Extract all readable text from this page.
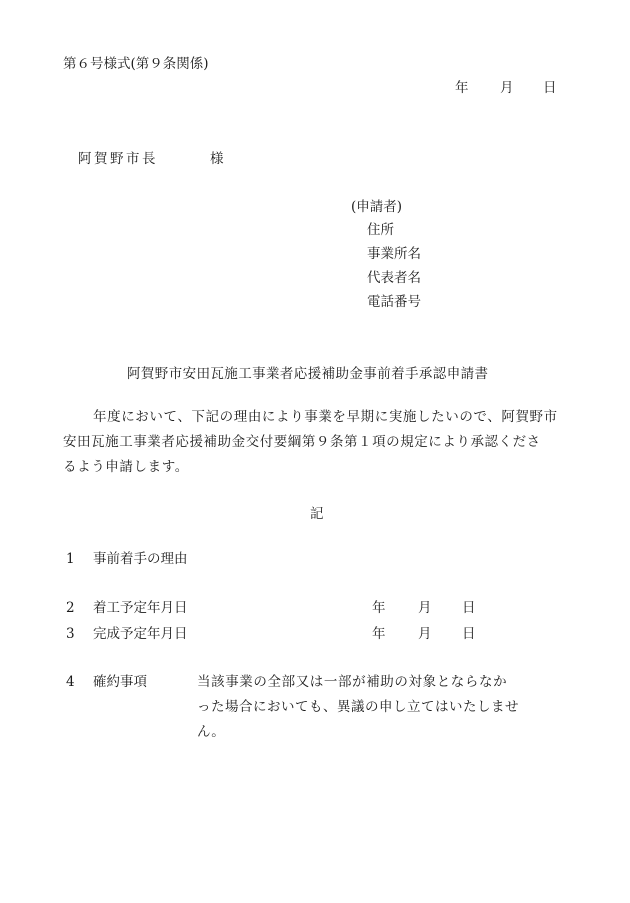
第６号様式(第９条関係)
年 月 日
阿賀野市長	様
(申請者)
住所
事業所名
代表者名
電話番号
阿賀野市安田瓦施工事業者応援補助金事前着手承認申請書
年度において、下記の理由により事業を早期に実施したいので、阿賀野市
安田瓦施工事業者応援補助金交付要綱第９条第１項の規定により承認くださ
るよう申請します。
記
1 事前着手の理由
2 着工予定年月日	年 月 日
3 完成予定年月日	年 月 日
4 確約事項	当該事業の全部又は一部が補助の対象とならなか
った場合においても、異議の申し立てはいたしませ
ん。
